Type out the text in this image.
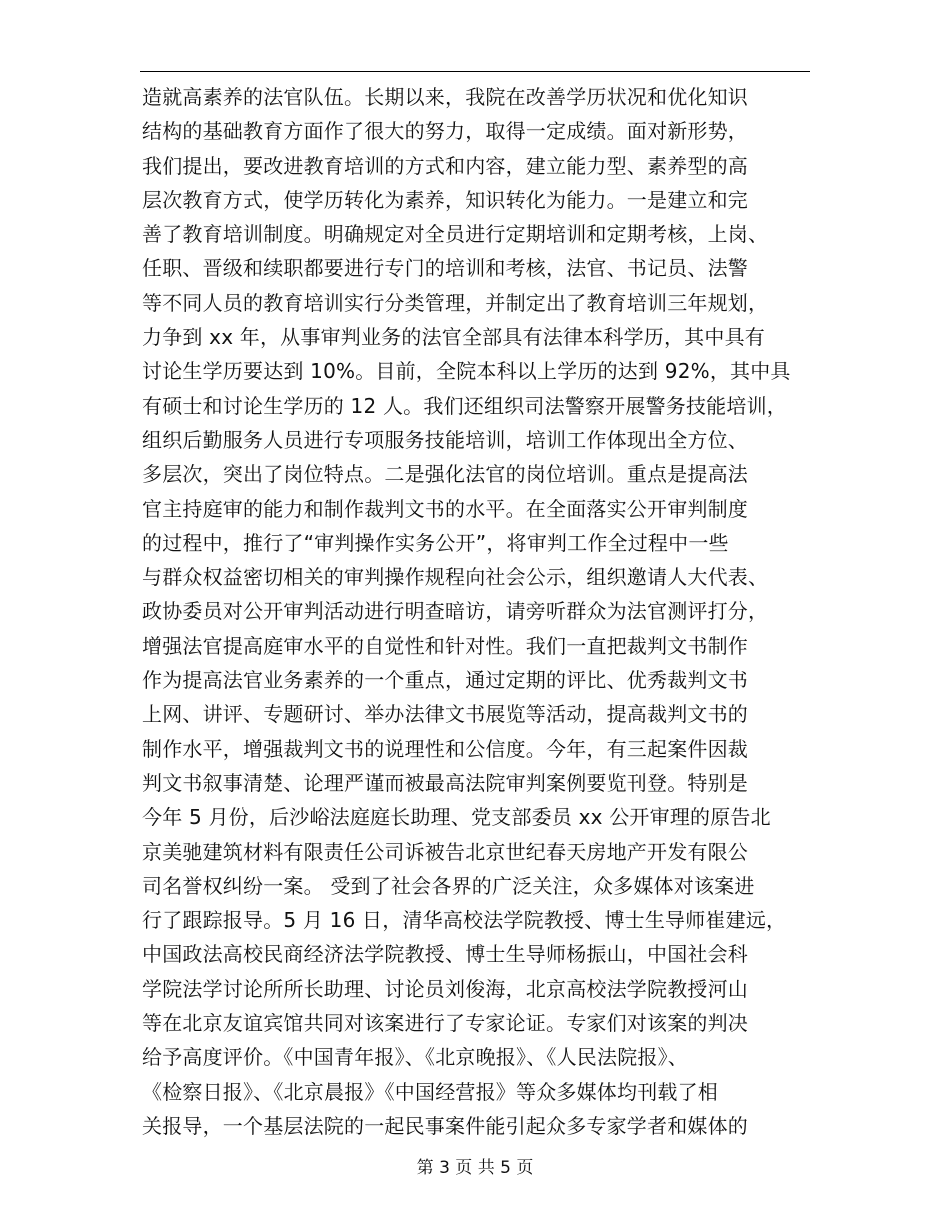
造就高素养的法官队伍。长期以来，我院在改善学历状况和优化知识
结构的基础教育方面作了很大的努力，取得一定成绩。面对新形势，
我们提出，要改进教育培训的方式和内容，建立能力型、素养型的高
层次教育方式，使学历转化为素养，知识转化为能力。一是建立和完
善了教育培训制度。明确规定对全员进行定期培训和定期考核，上岗、
任职、晋级和续职都要进行专门的培训和考核，法官、书记员、法警
等不同人员的教育培训实行分类管理，并制定出了教育培训三年规划，
力争到 xx 年，从事审判业务的法官全部具有法律本科学历，其中具有
讨论生学历要达到 10%。目前，全院本科以上学历的达到 92%，其中具
有硕士和讨论生学历的 12 人。我们还组织司法警察开展警务技能培训，
组织后勤服务人员进行专项服务技能培训，培训工作体现出全方位、
多层次，突出了岗位特点。二是强化法官的岗位培训。重点是提高法
官主持庭审的能力和制作裁判文书的水平。在全面落实公开审判制度
的过程中，推行了“审判操作实务公开”，将审判工作全过程中一些
与群众权益密切相关的审判操作规程向社会公示，组织邀请人大代表、
政协委员对公开审判活动进行明查暗访，请旁听群众为法官测评打分，
增强法官提高庭审水平的自觉性和针对性。我们一直把裁判文书制作
作为提高法官业务素养的一个重点，通过定期的评比、优秀裁判文书
上网、讲评、专题研讨、举办法律文书展览等活动，提高裁判文书的
制作水平，增强裁判文书的说理性和公信度。今年，有三起案件因裁
判文书叙事清楚、论理严谨而被最高法院审判案例要览刊登。特别是
今年 5 月份，后沙峪法庭庭长助理、党支部委员 xx 公开审理的原告北
京美驰建筑材料有限责任公司诉被告北京世纪春天房地产开发有限公
司名誉权纠纷一案。 受到了社会各界的广泛关注，众多媒体对该案进
行了跟踪报导。5 月 16 日，清华高校法学院教授、博士生导师崔建远，
中国政法高校民商经济法学院教授、博士生导师杨振山，中国社会科
学院法学讨论所所长助理、讨论员刘俊海，北京高校法学院教授河山
等在北京友谊宾馆共同对该案进行了专家论证。专家们对该案的判决
给予高度评价。《中国青年报》、《北京晚报》、《人民法院报》、
《检察日报》、《北京晨报》《中国经营报》等众多媒体均刊载了相
关报导，一个基层法院的一起民事案件能引起众多专家学者和媒体的
第 3 页 共 5 页
